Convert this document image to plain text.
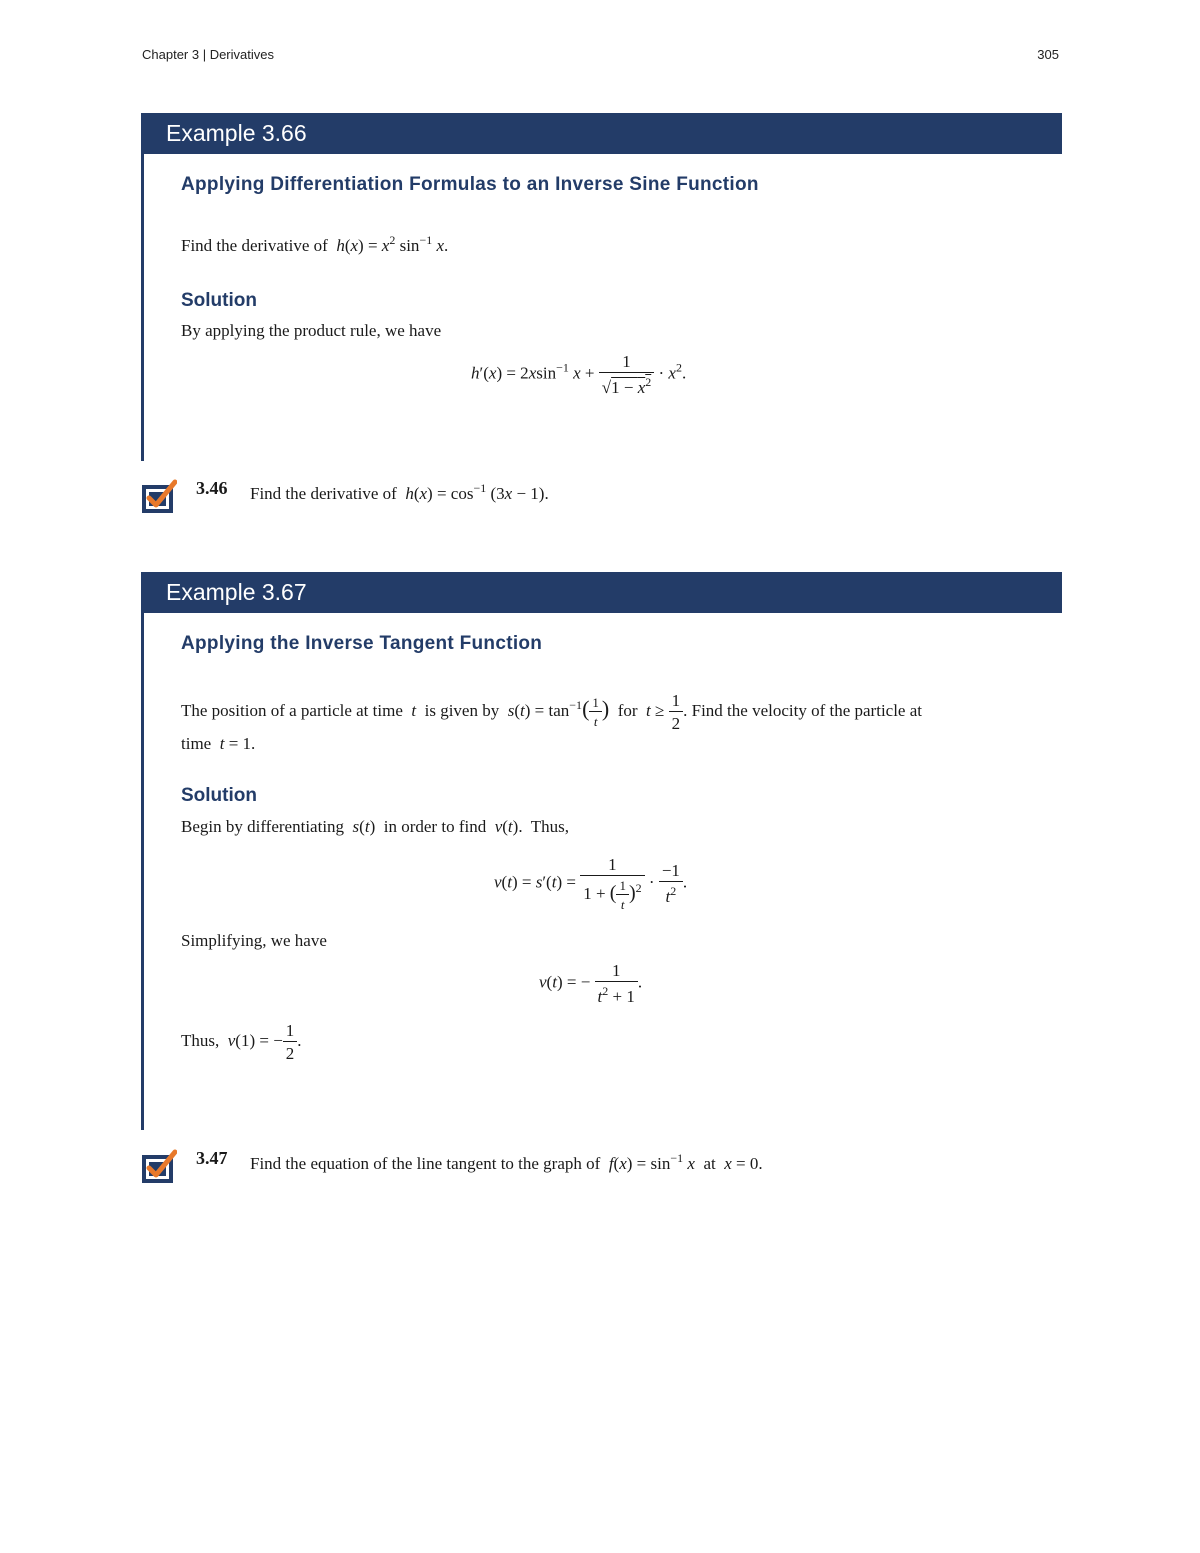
Chapter 3 | Derivatives	305
Example 3.66
Applying Differentiation Formulas to an Inverse Sine Function
Find the derivative of $h(x) = x^2$ $\sin^{-1} x$.
Solution
By applying the product rule, we have
h′(x) = 2xsin$^{-1}$ $x + \frac{1}{√1 - x^2} \cdot x^2$.
3.46 Find the derivative of $h(x) = \cos^{-1} (3x - 1)$.
Example 3.67
Applying the Inverse Tangent Function
The position of a particle at time t is given by $s(t) = \tan^{-1}( \frac{1}{t}$ ) for $t \ge \frac{1}{2}$ . Find the velocity of the particle at
time t = 1.
Solution
Begin by differentiating s(t)  in order to find v(t).  Thus,
$v(t) = s'(t) = \frac{1}{1 + ( \frac{1}{t} )^2} \cdot \frac{-1}{t^2}$ .
Simplifying, we have
v(t) = − $\frac{1}{t^2 + 1}$ .
Thus, v(1) = − $\frac{1}{2}$ .
3.47 Find the equation of the line tangent to the graph of $f(x) = \sin^{-1} x$ at x = 0.
